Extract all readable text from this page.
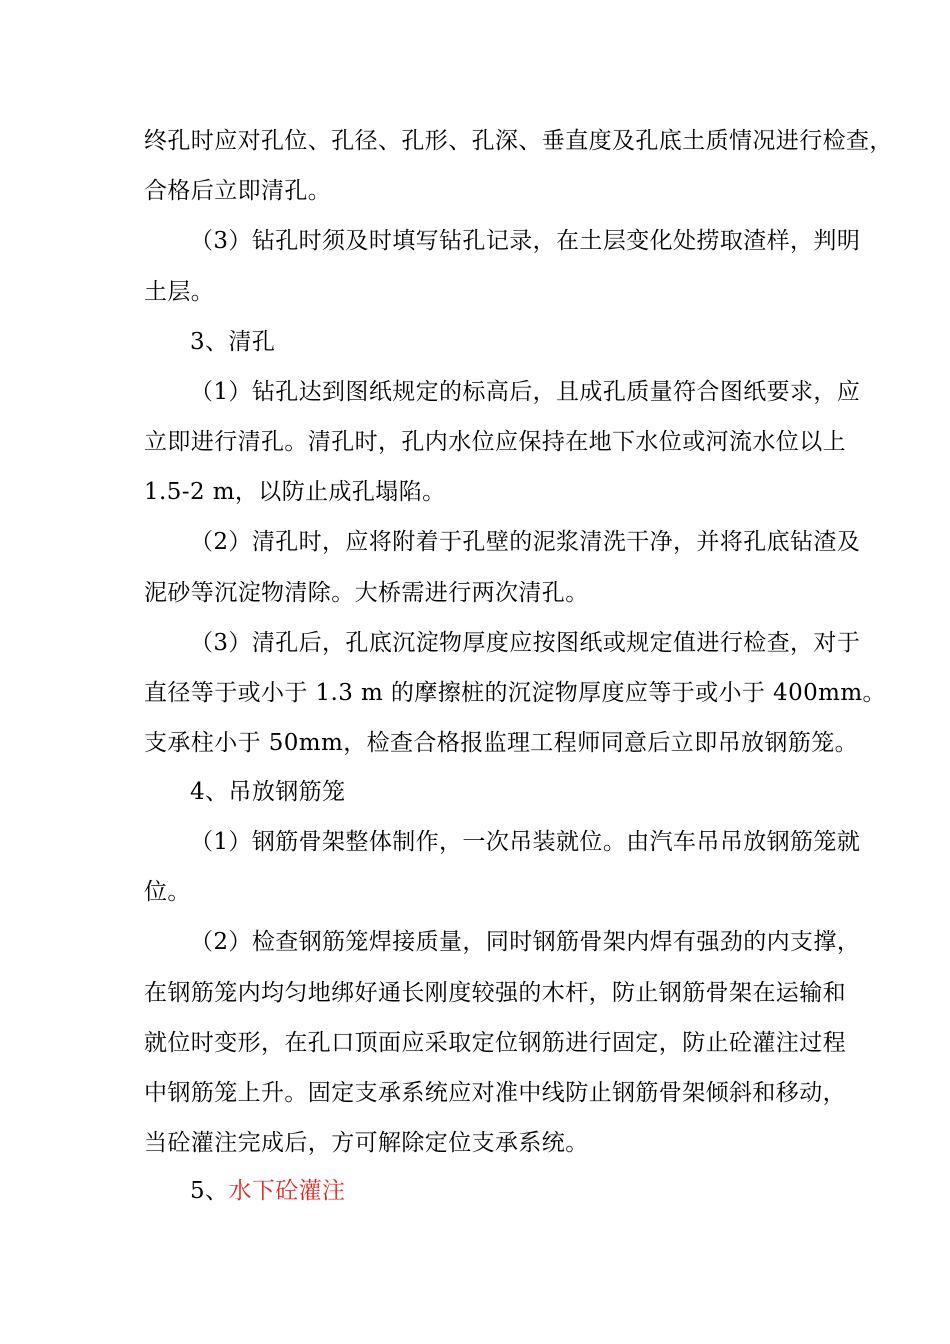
终孔时应对孔位、孔径、孔形、孔深、垂直度及孔底土质情况进行检查，
合格后立即清孔。
（3）钻孔时须及时填写钻孔记录，在土层变化处捞取渣样，判明
土层。
3、清孔
（1）钻孔达到图纸规定的标高后，且成孔质量符合图纸要求，应
立即进行清孔。清孔时，孔内水位应保持在地下水位或河流水位以上
1.5-2 m，以防止成孔塌陷。
（2）清孔时，应将附着于孔壁的泥浆清洗干净，并将孔底钻渣及
泥砂等沉淀物清除。大桥需进行两次清孔。
（3）清孔后，孔底沉淀物厚度应按图纸或规定值进行检查，对于
直径等于或小于 1.3 m 的摩擦桩的沉淀物厚度应等于或小于 400mm。
支承柱小于 50mm，检查合格报监理工程师同意后立即吊放钢筋笼。
4、吊放钢筋笼
（1）钢筋骨架整体制作，一次吊装就位。由汽车吊吊放钢筋笼就
位。
（2）检查钢筋笼焊接质量，同时钢筋骨架内焊有强劲的内支撑，
在钢筋笼内均匀地绑好通长刚度较强的木杆，防止钢筋骨架在运输和
就位时变形，在孔口顶面应采取定位钢筋进行固定，防止砼灌注过程
中钢筋笼上升。固定支承系统应对准中线防止钢筋骨架倾斜和移动，
当砼灌注完成后，方可解除定位支承系统。
5、水下砼灌注
